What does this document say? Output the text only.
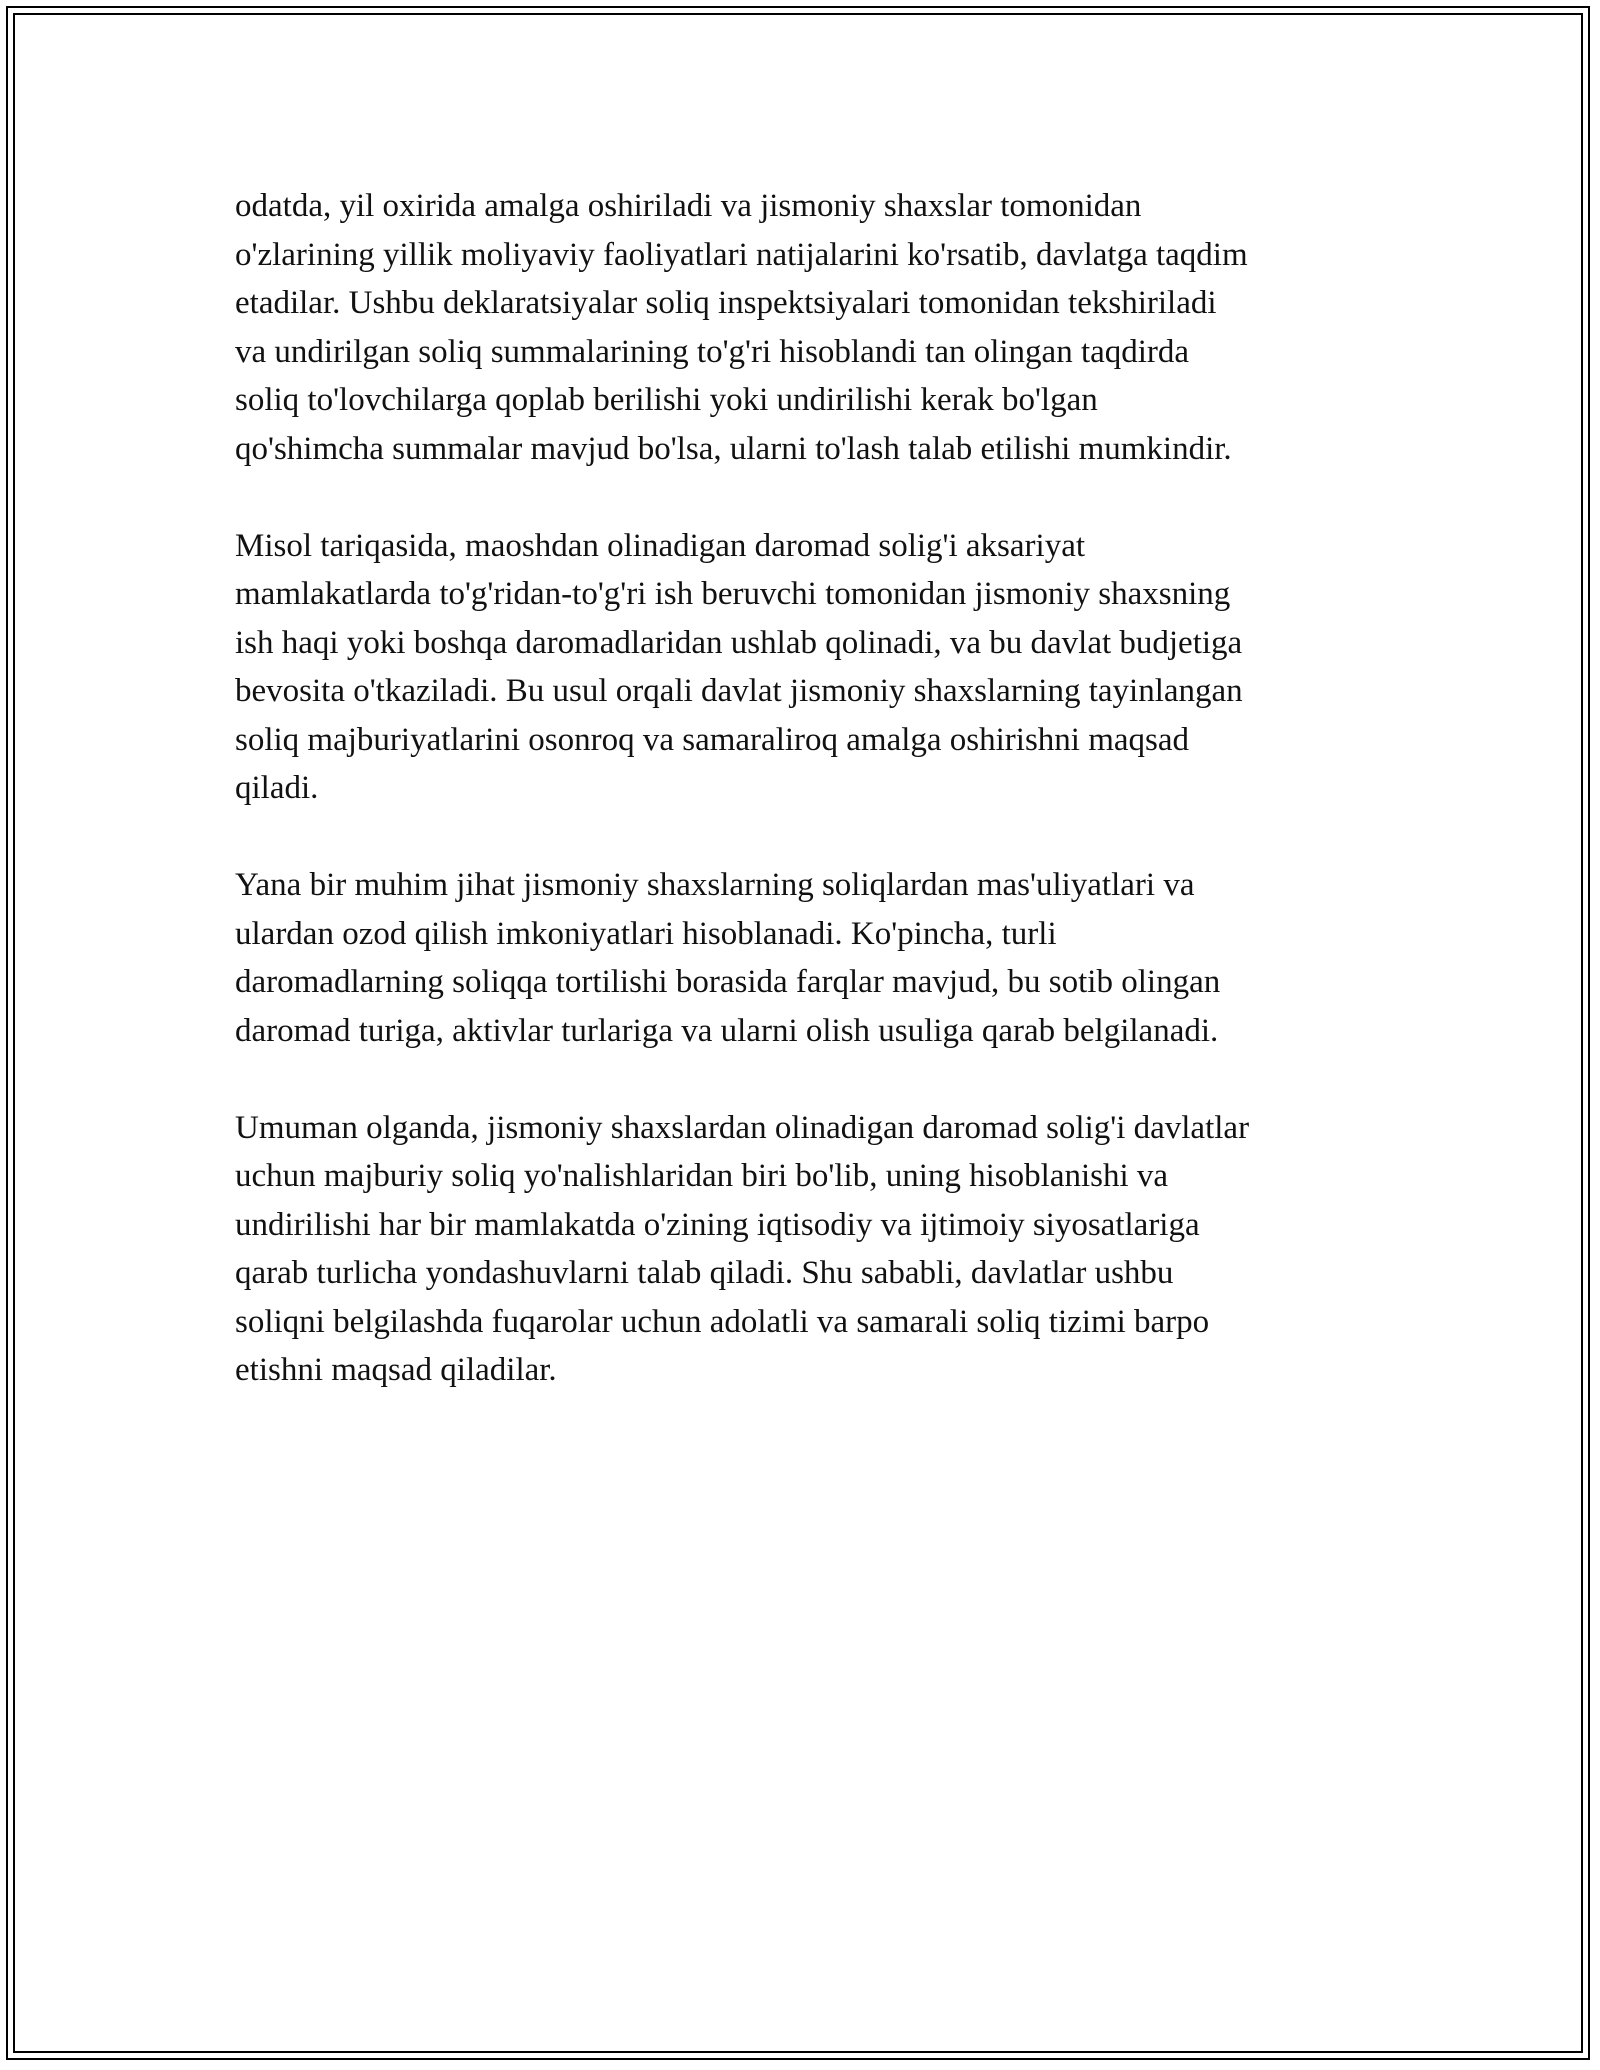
odatda, yil oxirida amalga oshiriladi va jismoniy shaxslar tomonidan
o'zlarining yillik moliyaviy faoliyatlari natijalarini ko'rsatib, davlatga taqdim
etadilar. Ushbu deklaratsiyalar soliq inspektsiyalari tomonidan tekshiriladi
va undirilgan soliq summalarining to'g'ri hisoblandi tan olingan taqdirda
soliq to'lovchilarga qoplab berilishi yoki undirilishi kerak bo'lgan
qo'shimcha summalar mavjud bo'lsa, ularni to'lash talab etilishi mumkindir.

Misol tariqasida, maoshdan olinadigan daromad solig'i aksariyat
mamlakatlarda to'g'ridan-to'g'ri ish beruvchi tomonidan jismoniy shaxsning
ish haqi yoki boshqa daromadlaridan ushlab qolinadi, va bu davlat budjetiga
bevosita o'tkaziladi. Bu usul orqali davlat jismoniy shaxslarning tayinlangan
soliq majburiyatlarini osonroq va samaraliroq amalga oshirishni maqsad
qiladi.

Yana bir muhim jihat jismoniy shaxslarning soliqlardan mas'uliyatlari va
ulardan ozod qilish imkoniyatlari hisoblanadi. Ko'pincha, turli
daromadlarning soliqqa tortilishi borasida farqlar mavjud, bu sotib olingan
daromad turiga, aktivlar turlariga va ularni olish usuliga qarab belgilanadi.

Umuman olganda, jismoniy shaxslardan olinadigan daromad solig'i davlatlar
uchun majburiy soliq yo'nalishlaridan biri bo'lib, uning hisoblanishi va
undirilishi har bir mamlakatda o'zining iqtisodiy va ijtimoiy siyosatlariga
qarab turlicha yondashuvlarni talab qiladi. Shu sababli, davlatlar ushbu
soliqni belgilashda fuqarolar uchun adolatli va samarali soliq tizimi barpo
etishni maqsad qiladilar.
